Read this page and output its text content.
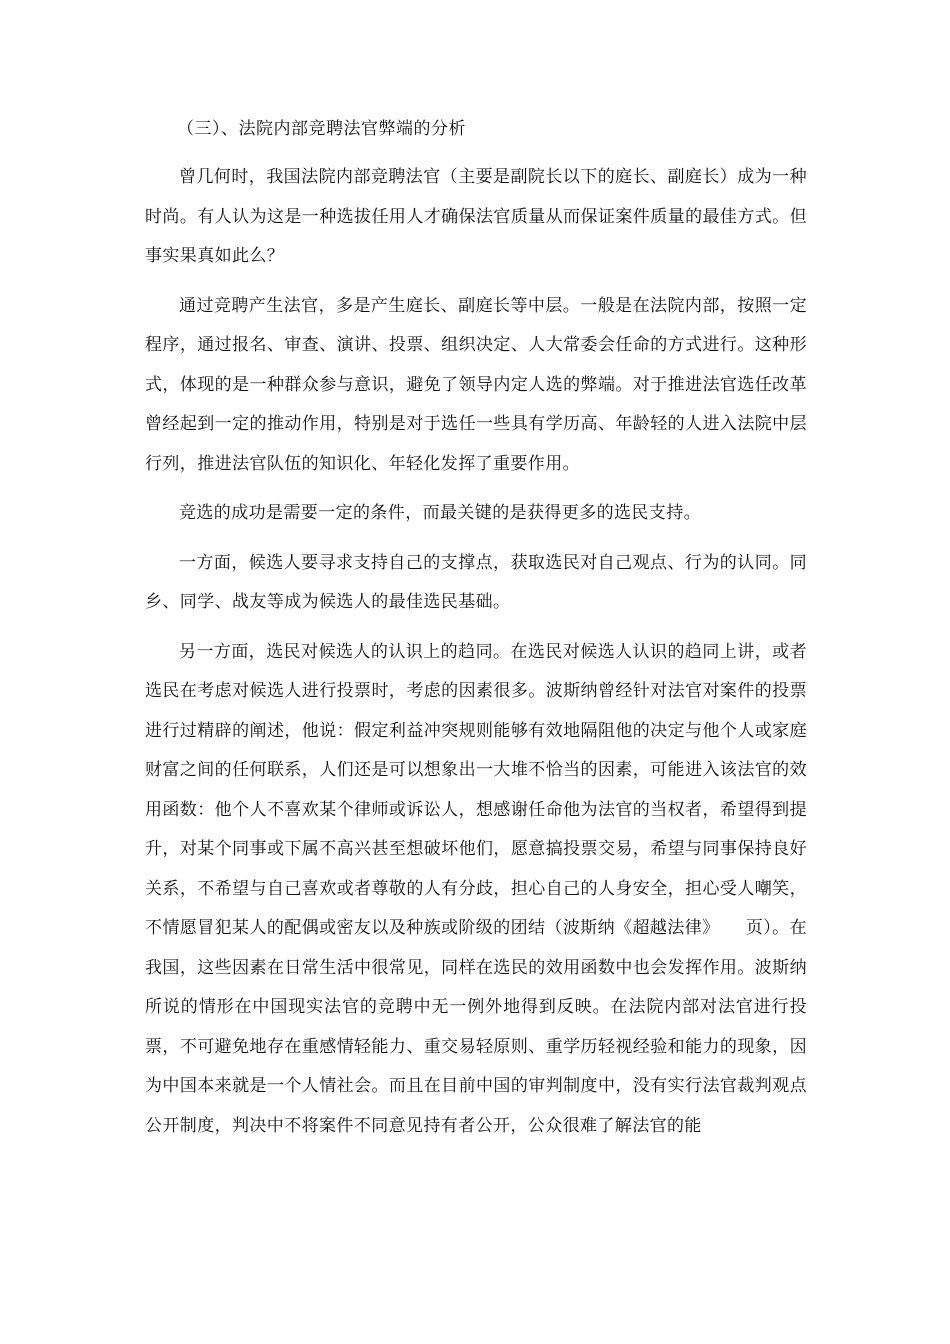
（三）、法院内部竞聘法官弊端的分析

曾几何时，我国法院内部竞聘法官（主要是副院长以下的庭长、副庭长）成为一种时尚。有人认为这是一种选拔任用人才确保法官质量从而保证案件质量的最佳方式。但事实果真如此么？

通过竞聘产生法官，多是产生庭长、副庭长等中层。一般是在法院内部，按照一定程序，通过报名、审查、演讲、投票、组织决定、人大常委会任命的方式进行。这种形式，体现的是一种群众参与意识，避免了领导内定人选的弊端。对于推进法官选任改革曾经起到一定的推动作用，特别是对于选任一些具有学历高、年龄轻的人进入法院中层行列，推进法官队伍的知识化、年轻化发挥了重要作用。

竞选的成功是需要一定的条件，而最关键的是获得更多的选民支持。

一方面，候选人要寻求支持自己的支撑点，获取选民对自己观点、行为的认同。同乡、同学、战友等成为候选人的最佳选民基础。

另一方面，选民对候选人的认识上的趋同。在选民对候选人认识的趋同上讲，或者选民在考虑对候选人进行投票时，考虑的因素很多。波斯纳曾经针对法官对案件的投票进行过精辟的阐述，他说：假定利益冲突规则能够有效地隔阻他的决定与他个人或家庭财富之间的任何联系，人们还是可以想象出一大堆不恰当的因素，可能进入该法官的效用函数：他个人不喜欢某个律师或诉讼人，想感谢任命他为法官的当权者，希望得到提升，对某个同事或下属不高兴甚至想破坏他们，愿意搞投票交易，希望与同事保持良好关系，不希望与自己喜欢或者尊敬的人有分歧，担心自己的人身安全，担心受人嘲笑，不情愿冒犯某人的配偶或密友以及种族或阶级的团结（波斯纳《超越法律》　　页）。在我国，这些因素在日常生活中很常见，同样在选民的效用函数中也会发挥作用。波斯纳所说的情形在中国现实法官的竞聘中无一例外地得到反映。在法院内部对法官进行投票，不可避免地存在重感情轻能力、重交易轻原则、重学历轻视经验和能力的现象，因为中国本来就是一个人情社会。而且在目前中国的审判制度中，没有实行法官裁判观点公开制度，判决中不将案件不同意见持有者公开，公众很难了解法官的能
